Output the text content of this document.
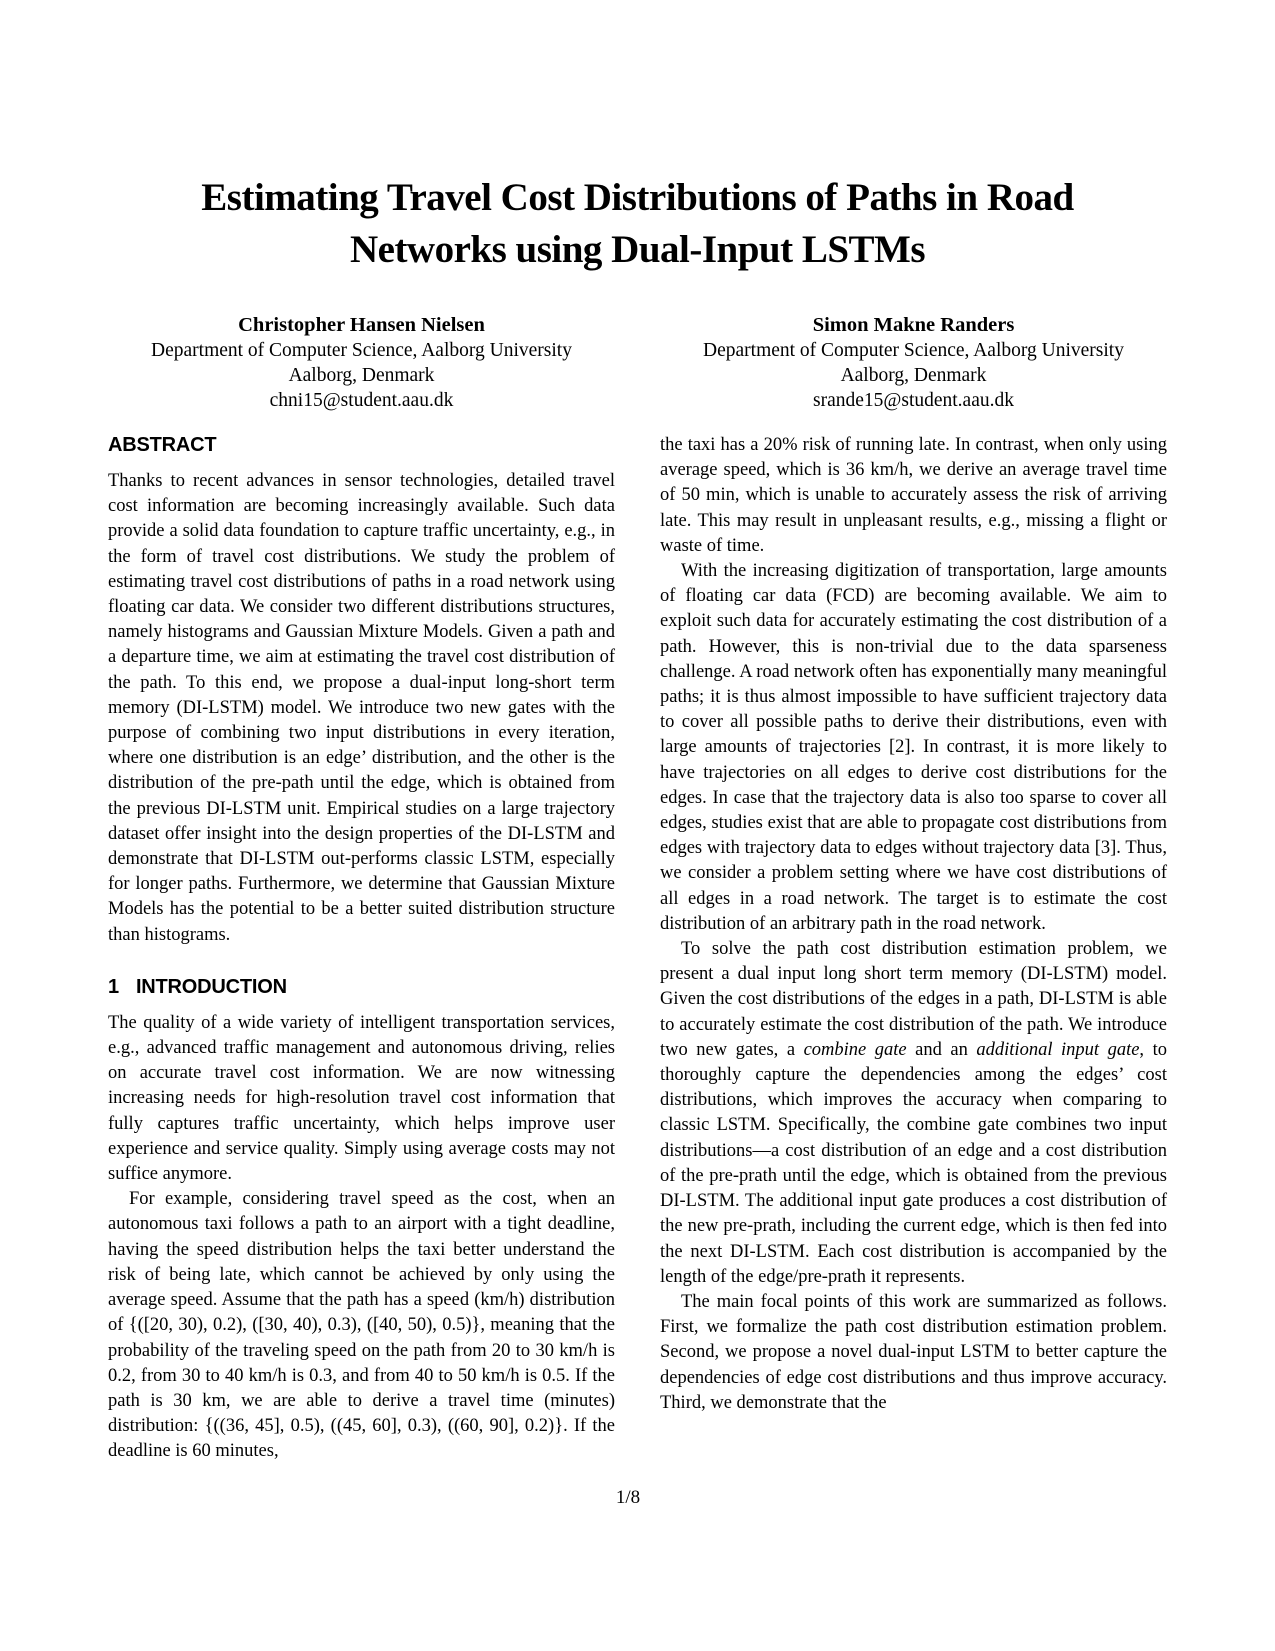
Estimating Travel Cost Distributions of Paths in Road
Networks using Dual-Input LSTMs
Christopher Hansen Nielsen
Department of Computer Science, Aalborg University
Aalborg, Denmark
chni15@student.aau.dk
Simon Makne Randers
Department of Computer Science, Aalborg University
Aalborg, Denmark
srande15@student.aau.dk
ABSTRACT

Thanks to recent advances in sensor technologies, detailed travel cost information are becoming increasingly available. Such data provide a solid data foundation to capture traffic uncertainty, e.g., in the form of travel cost distributions. We study the problem of estimating travel cost distributions of paths in a road network using floating car data. We consider two different distributions structures, namely histograms and Gaussian Mixture Models. Given a path and a departure time, we aim at estimating the travel cost distribution of the path. To this end, we propose a dual-input long-short term memory (DI-LSTM) model. We introduce two new gates with the purpose of combining two input distributions in every iteration, where one distribution is an edge’ distribution, and the other is the distribution of the pre-path until the edge, which is obtained from the previous DI-LSTM unit. Empirical studies on a large trajectory dataset offer insight into the design properties of the DI-LSTM and demonstrate that DI-LSTM out-performs classic LSTM, especially for longer paths. Furthermore, we determine that Gaussian Mixture Models has the potential to be a better suited distribution structure than histograms.

1 INTRODUCTION

The quality of a wide variety of intelligent transportation services, e.g., advanced traffic management and autonomous driving, relies on accurate travel cost information. We are now witnessing increasing needs for high-resolution travel cost information that fully captures traffic uncertainty, which helps improve user experience and service quality. Simply using average costs may not suffice anymore.

For example, considering travel speed as the cost, when an autonomous taxi follows a path to an airport with a tight deadline, having the speed distribution helps the taxi better understand the risk of being late, which cannot be achieved by only using the average speed. Assume that the path has a speed (km/h) distribution of {([20, 30), 0.2), ([30, 40), 0.3), ([40, 50), 0.5)}, meaning that the probability of the traveling speed on the path from 20 to 30 km/h is 0.2, from 30 to 40 km/h is 0.3, and from 40 to 50 km/h is 0.5. If the path is 30 km, we are able to derive a travel time (minutes) distribution: {((36, 45], 0.5), ((45, 60], 0.3), ((60, 90], 0.2)}. If the deadline is 60 minutes,

the taxi has a 20% risk of running late. In contrast, when only using average speed, which is 36 km/h, we derive an average travel time of 50 min, which is unable to accurately assess the risk of arriving late. This may result in unpleasant results, e.g., missing a flight or waste of time.

With the increasing digitization of transportation, large amounts of floating car data (FCD) are becoming available. We aim to exploit such data for accurately estimating the cost distribution of a path. However, this is non-trivial due to the data sparseness challenge. A road network often has exponentially many meaningful paths; it is thus almost impossible to have sufficient trajectory data to cover all possible paths to derive their distributions, even with large amounts of trajectories [2]. In contrast, it is more likely to have trajectories on all edges to derive cost distributions for the edges. In case that the trajectory data is also too sparse to cover all edges, studies exist that are able to propagate cost distributions from edges with trajectory data to edges without trajectory data [3]. Thus, we consider a problem setting where we have cost distributions of all edges in a road network. The target is to estimate the cost distribution of an arbitrary path in the road network.

To solve the path cost distribution estimation problem, we present a dual input long short term memory (DI-LSTM) model. Given the cost distributions of the edges in a path, DI-LSTM is able to accurately estimate the cost distribution of the path. We introduce two new gates, a combine gate and an additional input gate, to thoroughly capture the dependencies among the edges’ cost distributions, which improves the accuracy when comparing to classic LSTM. Specifically, the combine gate combines two input distributions—a cost distribution of an edge and a cost distribution of the pre-prath until the edge, which is obtained from the previous DI-LSTM. The additional input gate produces a cost distribution of the new pre-prath, including the current edge, which is then fed into the next DI-LSTM. Each cost distribution is accompanied by the length of the edge/pre-prath it represents.

The main focal points of this work are summarized as follows. First, we formalize the path cost distribution estimation problem. Second, we propose a novel dual-input LSTM to better capture the dependencies of edge cost distributions and thus improve accuracy. Third, we demonstrate that the

1/8
